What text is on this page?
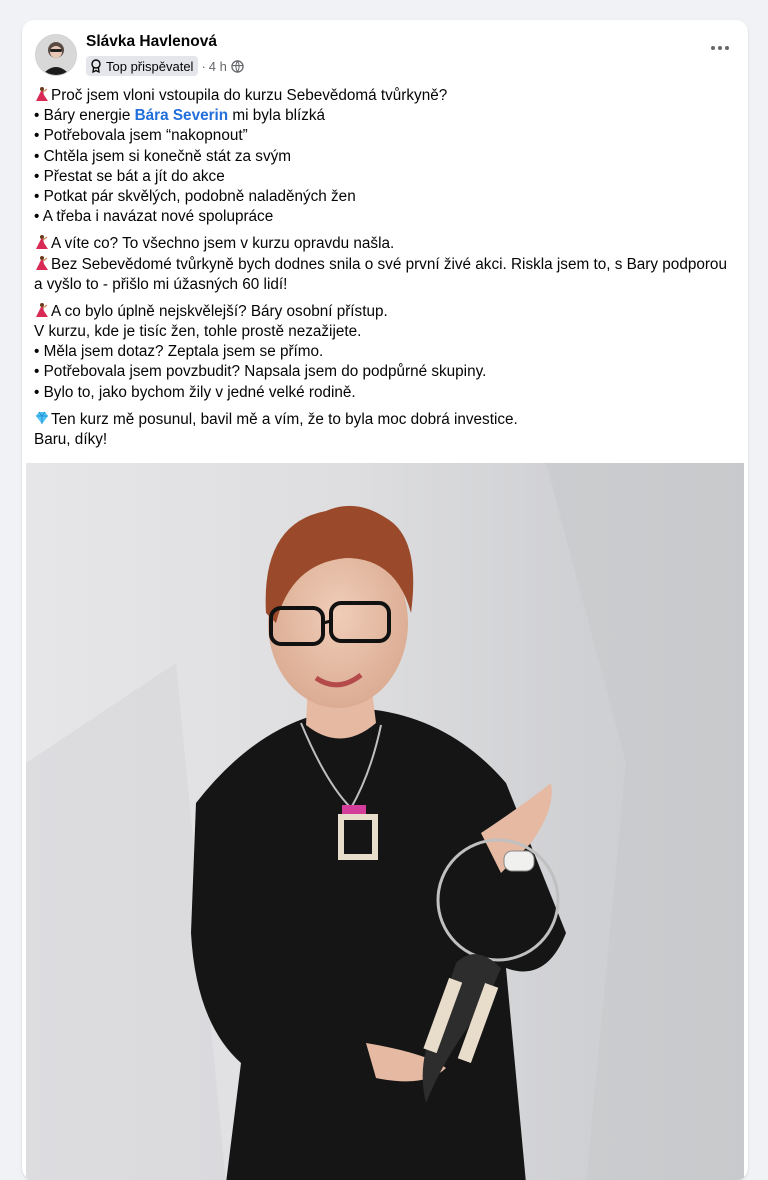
Slávka Havlenová
Top přispěvatel · 4 h
Proč jsem vloni vstoupila do kurzu Sebevědomá tvůrkyně?
• Báry energie Bára Severin mi byla blízká
• Potřebovala jsem “nakopnout”
• Chtěla jsem si konečně stát za svým
• Přestat se bát a jít do akce
• Potkat pár skvělých, podobně naladěných žen
• A třeba i navázat nové spolupráce
A víte co? To všechno jsem v kurzu opravdu našla.
Bez Sebevědomé tvůrkyně bych dodnes snila o své první živé akci. Riskla jsem to, s Bary podporou a vyšlo to - přišlo mi úžasných 60 lidí!
A co bylo úplně nejskvělejší? Báry osobní přístup.
V kurzu, kde je tisíc žen, tohle prostě nezažijete.
• Měla jsem dotaz? Zeptala jsem se přímo.
• Potřebovala jsem povzbudit? Napsala jsem do podpůrné skupiny.
• Bylo to, jako bychom žily v jedné velké rodině.
Ten kurz mě posunul, bavil mě a vím, že to byla moc dobrá investice.
Baru, díky!
